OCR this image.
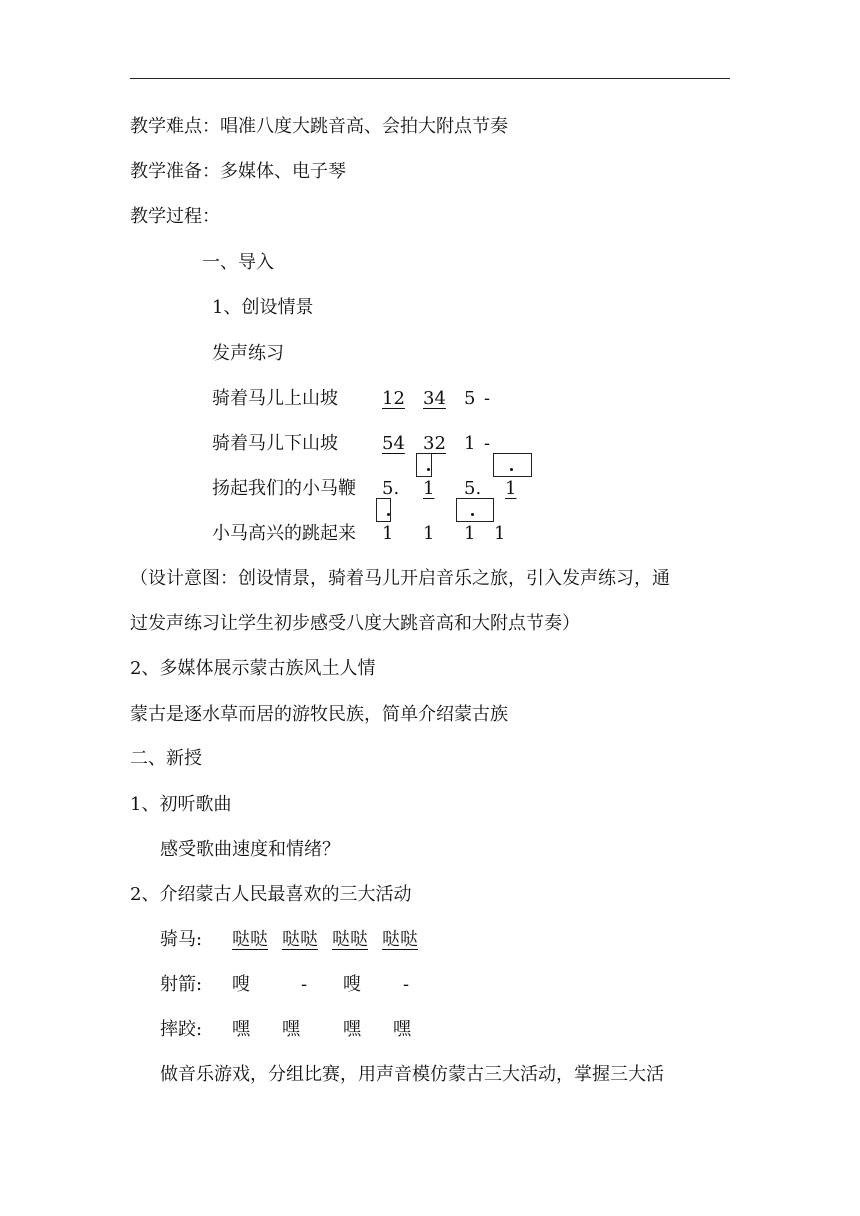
教学难点：唱准八度大跳音高、会拍大附点节奏
教学准备：多媒体、电子琴
教学过程：
一、导入
1、创设情景
发声练习
骑着马儿上山坡 12 34 5 -
骑着马儿下山坡 54 32 1 -
扬起我们的小马鞭 5. 1 5. 1
小马高兴的跳起来 1 1 1 1
（设计意图：创设情景，骑着马儿开启音乐之旅，引入发声练习，通
过发声练习让学生初步感受八度大跳音高和大附点节奏）
2、多媒体展示蒙古族风土人情
蒙古是逐水草而居的游牧民族，简单介绍蒙古族
二、新授
1、初听歌曲
感受歌曲速度和情绪？
2、介绍蒙古人民最喜欢的三大活动
骑马: 哒哒 哒哒 哒哒 哒哒
射箭: 嗖	- 嗖 -
摔跤: 嘿 嘿 嘿 嘿
做音乐游戏，分组比赛，用声音模仿蒙古三大活动，掌握三大活
